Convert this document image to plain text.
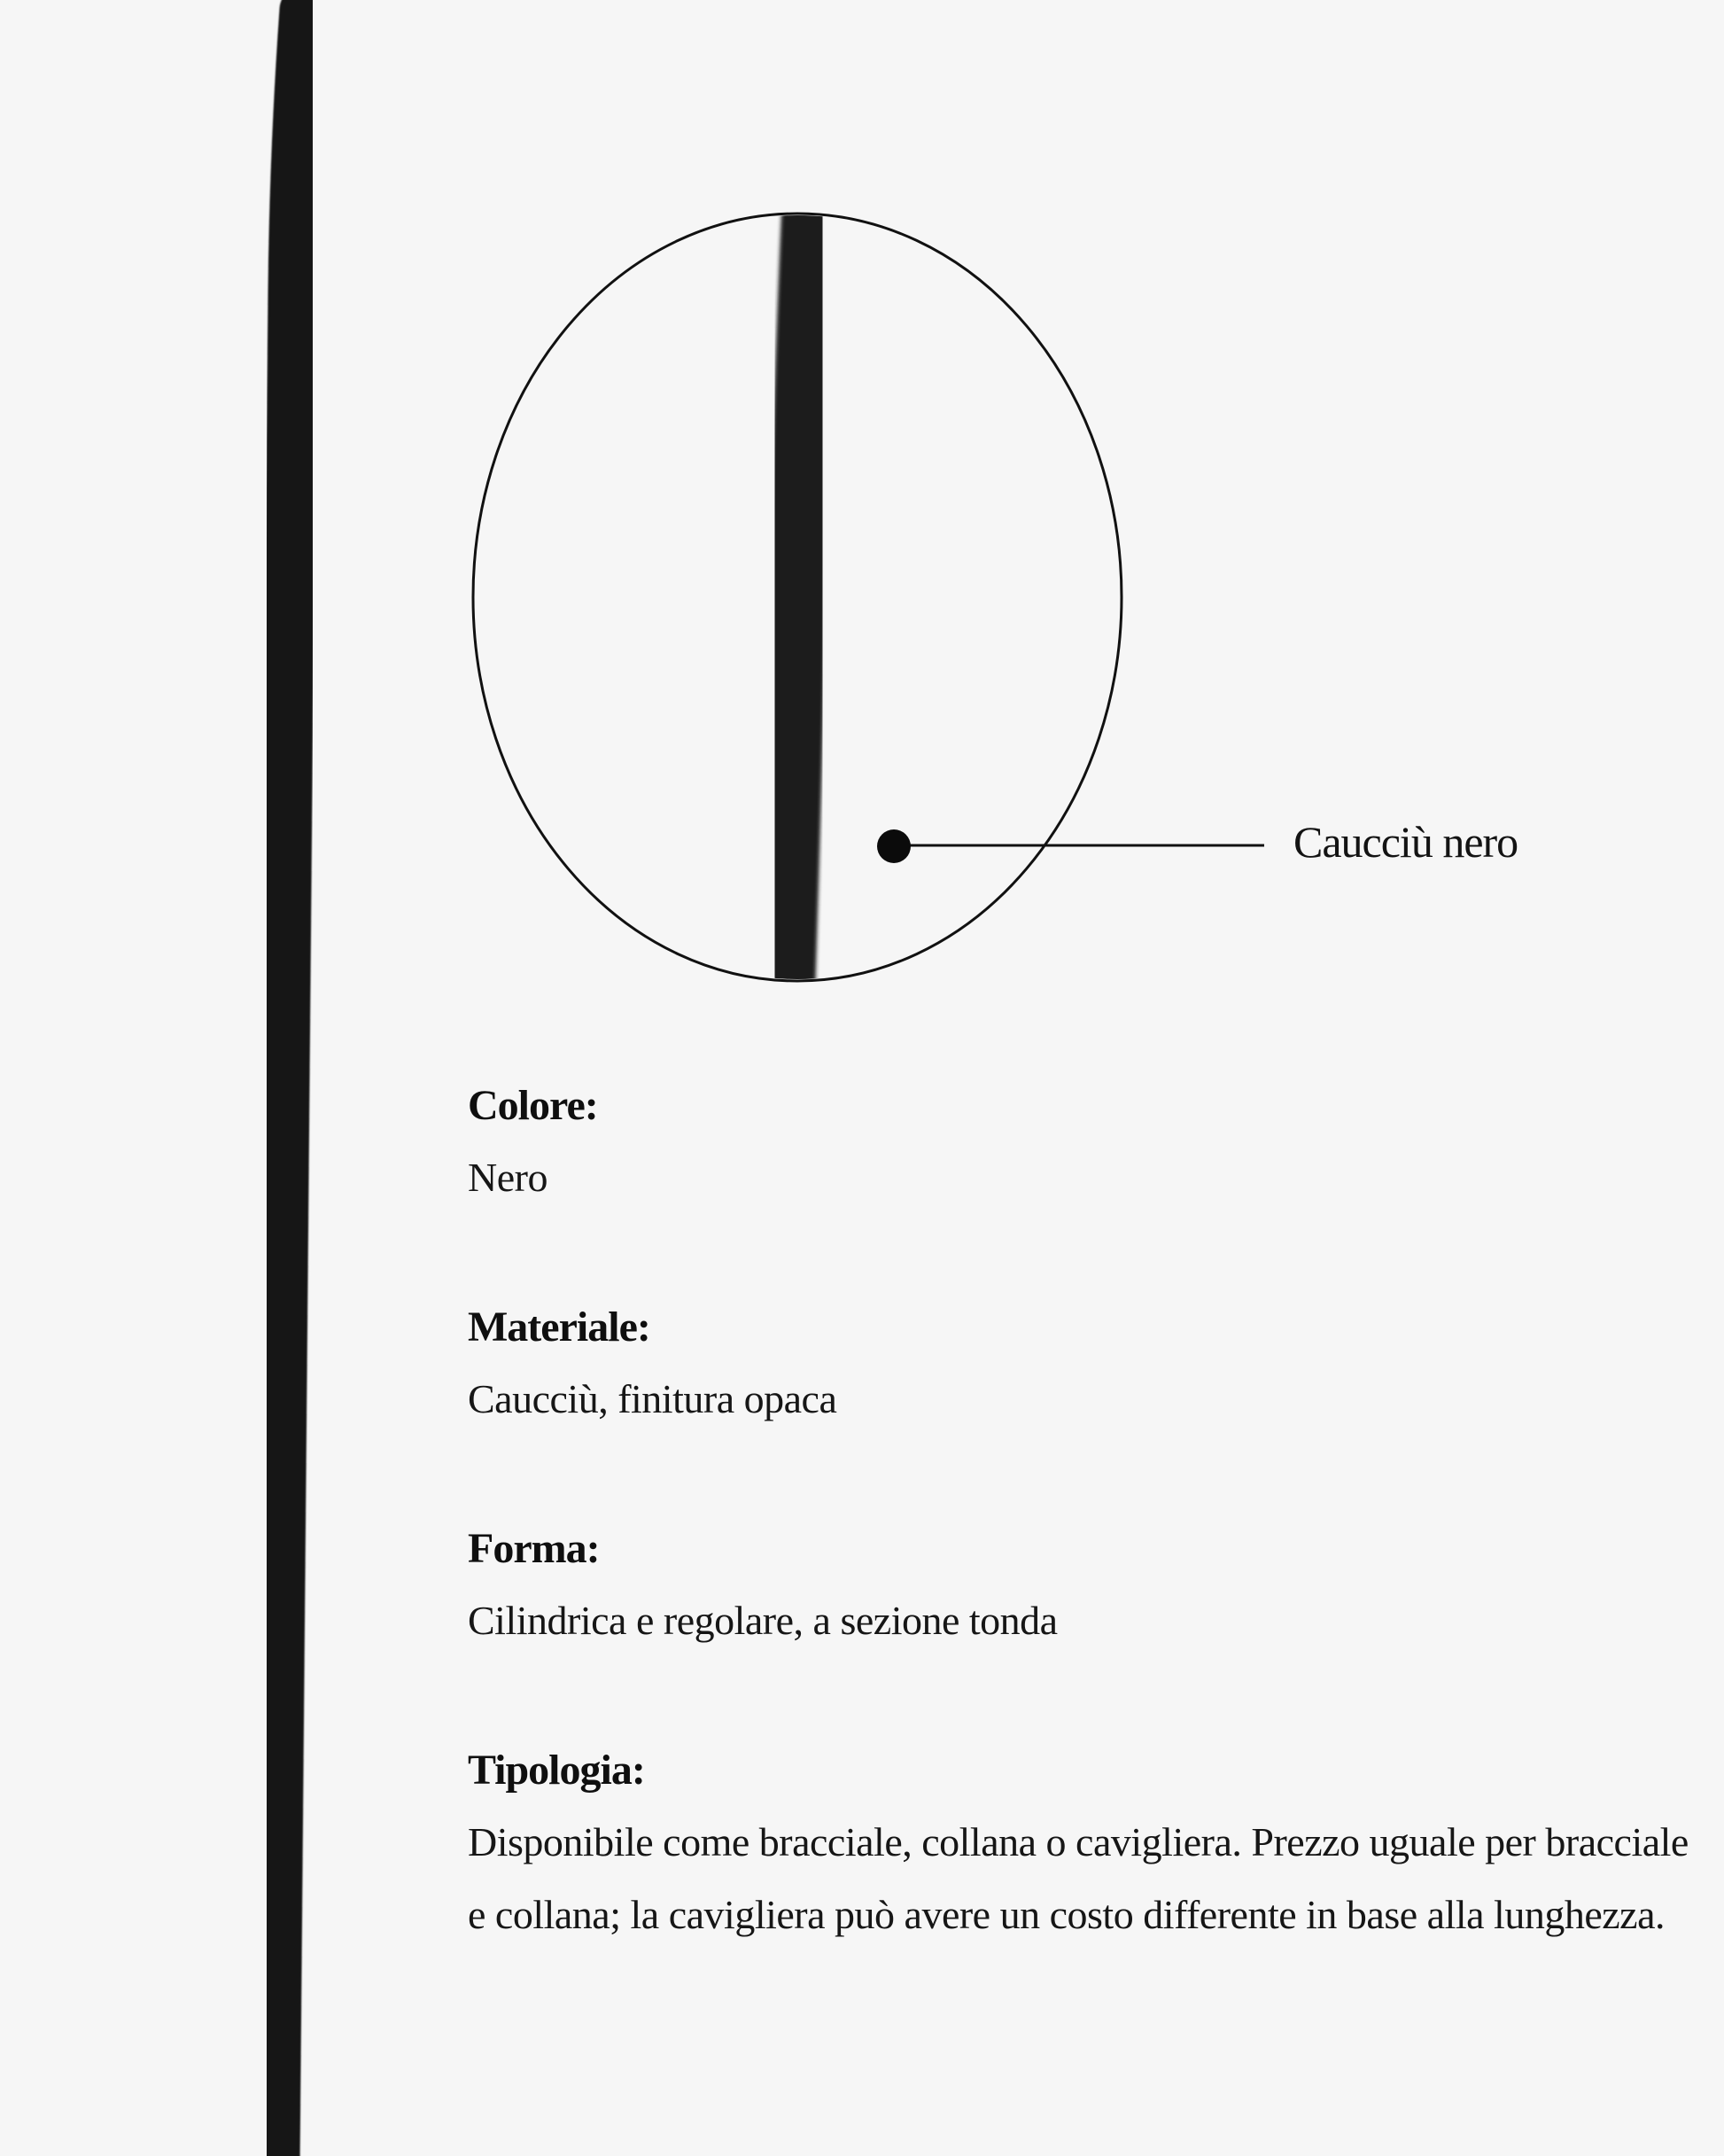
Caucciù nero
Colore:

Nero

Materiale:

Caucciù, finitura opaca

Forma:

Cilindrica e regolare, a sezione tonda

Tipologia:

Disponibile come bracciale, collana o cavigliera. Prezzo uguale per bracciale e collana; la cavigliera può avere un costo differente in base alla lunghezza.
